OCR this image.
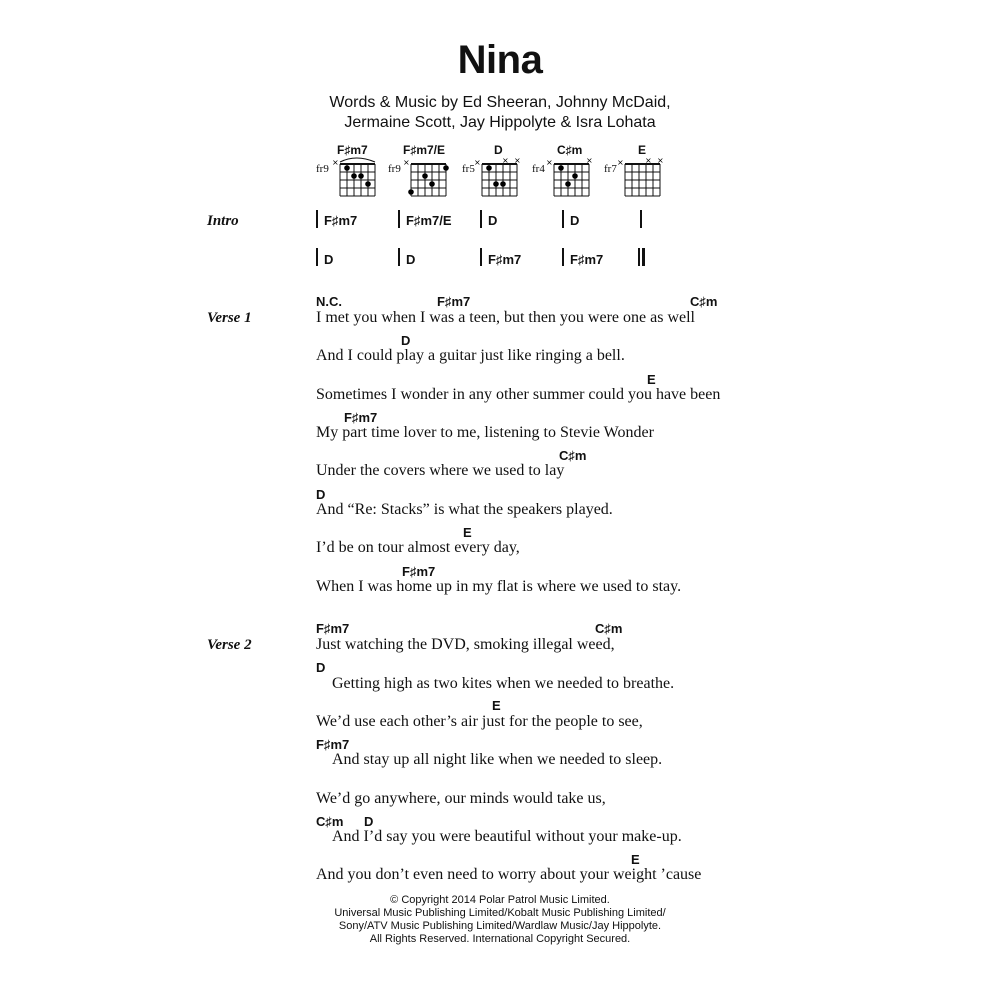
Nina
Words & Music by Ed Sheeran, Johnny McDaid,
Jermaine Scott, Jay Hippolyte & Isra Lohata
F♯m7
fr9
×
F♯m7/E
fr9
×
D
fr5
×	× ×
C♯m
fr4
×	×
E
fr7
×	× ×
Intro	F♯m7	F♯m7/E	D	D
D	D	F♯m7	F♯m7
Verse 1
N.C.	F♯m7	C♯m
I met you when I was a teen, but then you were one as well
D
And I could play a guitar just like ringing a bell.
E
Sometimes I wonder in any other summer could you have been
F♯m7
My part time lover to me, listening to Stevie Wonder
C♯m
Under the covers where we used to lay
D
And “Re: Stacks” is what the speakers played.
E
I’d be on tour almost every day,
F♯m7
When I was home up in my flat is where we used to stay.
Verse 2
F♯m7	C♯m
Just watching the DVD, smoking illegal weed,
D
Getting high as two kites when we needed to breathe.
E
We’d use each other’s air just for the people to see,
F♯m7
And stay up all night like when we needed to sleep.
We’d go anywhere, our minds would take us,
C♯m D
And I’d say you were beautiful without your make-up.
E
And you don’t even need to worry about your weight ’cause
© Copyright 2014 Polar Patrol Music Limited.
Universal Music Publishing Limited/Kobalt Music Publishing Limited/
Sony/ATV Music Publishing Limited/Wardlaw Music/Jay Hippolyte.
All Rights Reserved. International Copyright Secured.
